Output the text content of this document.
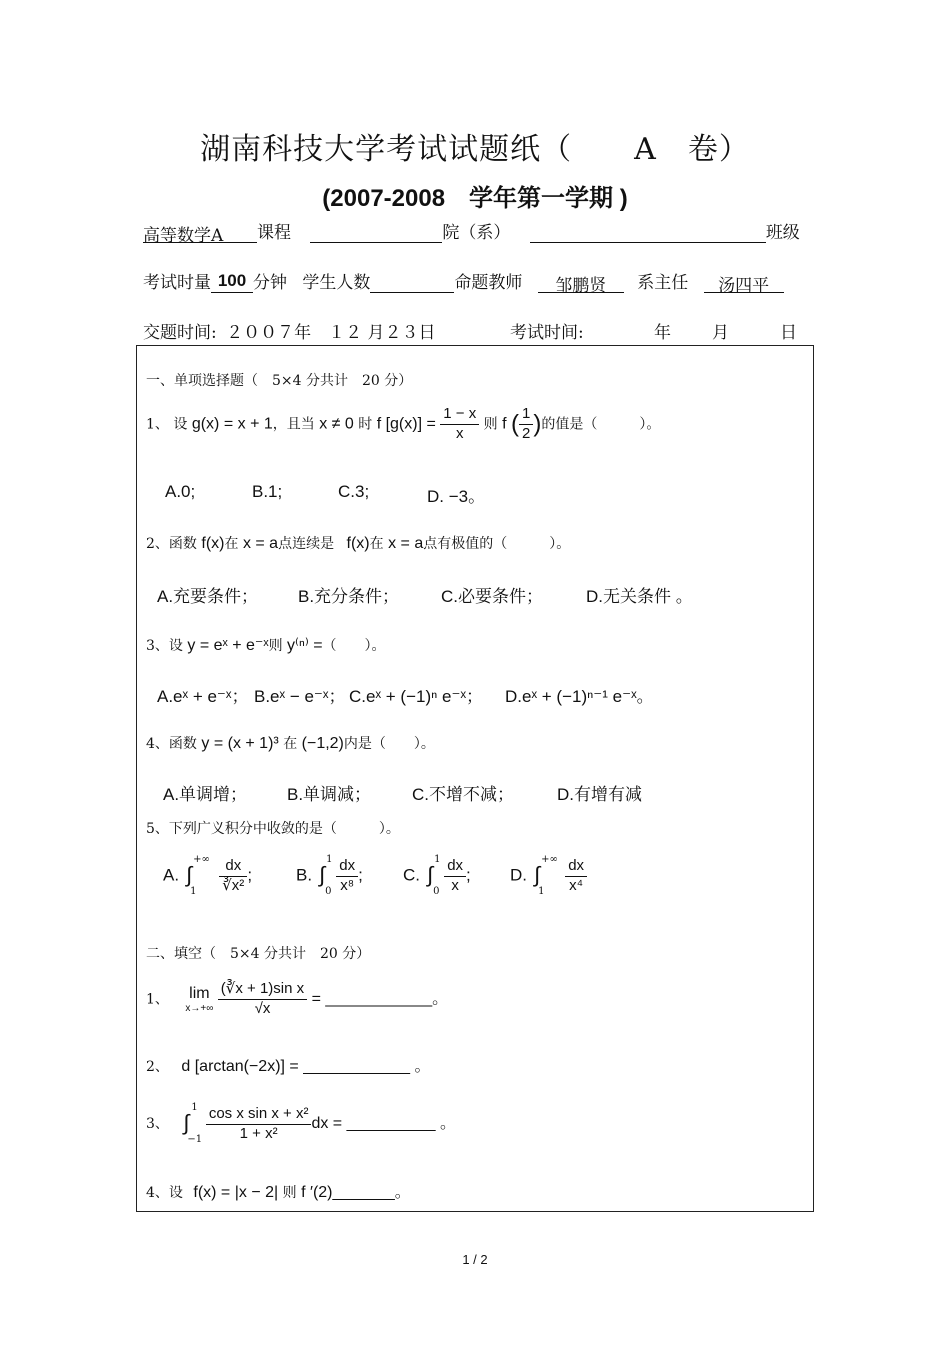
湖南科技大学考试试题纸（　　A　卷）
(2007-2008　学年第一学期 )
高等数学A 课程	院（系）	班级
考试时量 100 分钟 学生人数	命题教师 邹鹏贤 系主任 汤四平
交题时间: ２００７年　１２ 月２３日	考试时间:	年 月	日
一、单项选择题（　5×4 分共计　20 分）
1、 设 g(x) = x + 1，且当 x ≠ 0 时 f $[g(x)] = \frac{1 - x}{x}$ 则 f ( $\frac{1}{2}$ )的值是（　　　）。
A.0;	B.1;	C.3;	D. −3。
2、函数 f(x)在 x = a点连续是 f(x)在 x = a点有极值的（　　　）。
A.充要条件； B.充分条件； C.必要条件；	D.无关条件 。
3、设 y = eˣ + e⁻ˣ则 y⁽ⁿ⁾ =（　　）。
A.eˣ + e⁻ˣ； B.eˣ − e⁻ˣ； C.eˣ + (−1)ⁿ e⁻ˣ； D.eˣ + (−1)ⁿ⁻¹ e⁻ˣ。
4、函数 y = (x + 1)³ 在 (−1,2)内是（　　）。
A.单调增； B.单调减； C.不增不减；	D.有增有减
5、下列广义积分中收敛的是（　　　）。
A. ∫
+∞
1
$\frac{dx}{\text{∛x²}}$ ;	B. ∫
1
0
$\frac{dx}{\text{x⁸}}$ ; C. ∫
1
0
$\frac{dx}{x}$ ; D. ∫
+∞
1
$\frac{dx}{\text{x⁴}}$
二、填空（　5×4 分共计　20 分）
1、 lim
x→+∞
$\frac{\text{(∛x + 1)sin x}}{√x}$ = ____________。
2、 d [arctan(−2x)] = ____________ 。
3、 ∫
1
−1
$\frac{\text{cos x sin x + x²}}{\text{1 + x²}}$ dx = __________ 。
4、设 f(x) = |x − 2| 则 f ′(2)_______。
1 / 2
